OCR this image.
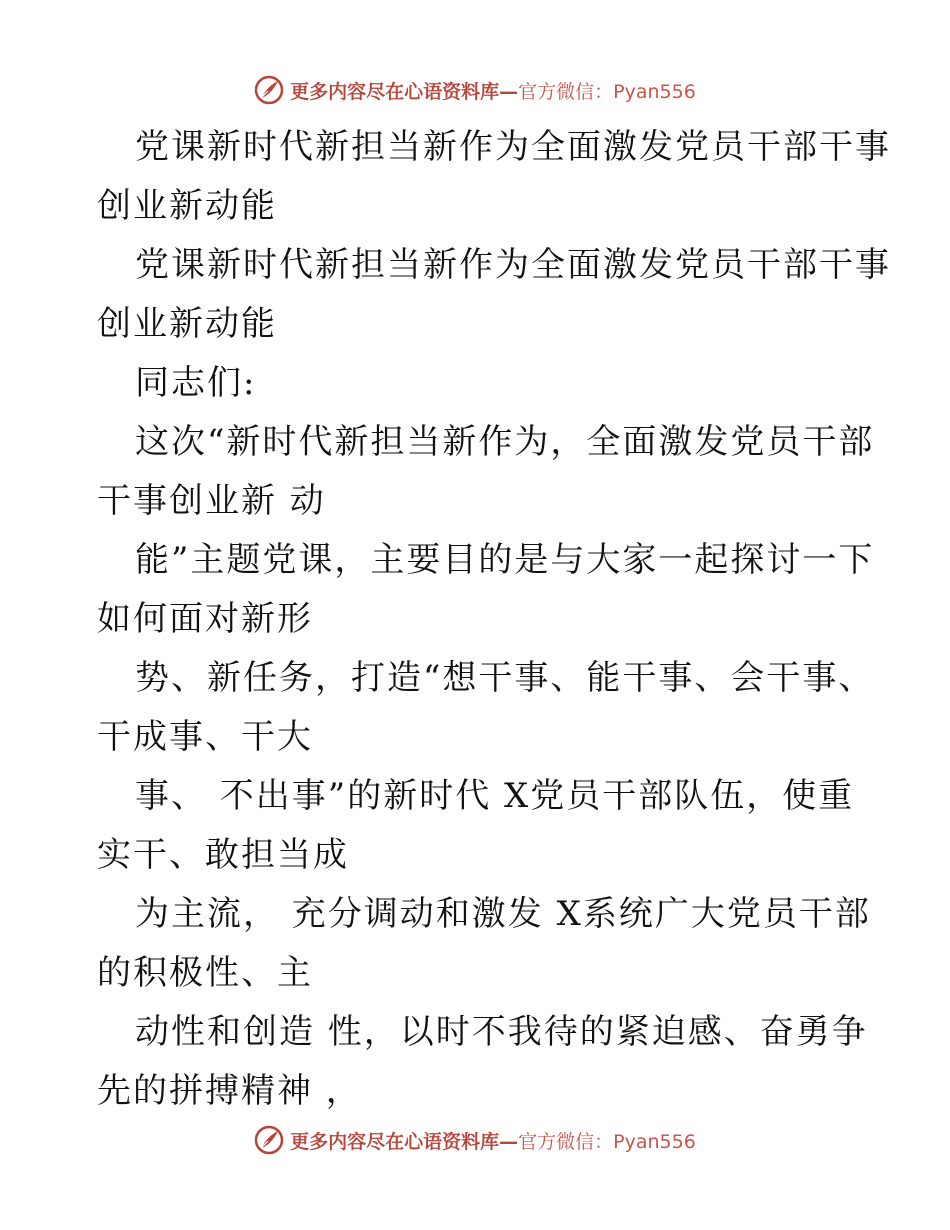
更多内容尽在心语资料库—官方微信：Pyan556
党课新时代新担当新作为全面激发党员干部干事
创业新动能
党课新时代新担当新作为全面激发党员干部干事
创业新动能
同志们:
这次“新时代新担当新作为，全面激发党员干部
干事创业新 动
能”主题党课，主要目的是与大家一起探讨一下
如何面对新形
势、新任务，打造“想干事、能干事、会干事、
干成事、干大
事、 不出事”的新时代 X党员干部队伍，使重
实干、敢担当成
为主流， 充分调动和激发 X系统广大党员干部
的积极性、主
动性和创造 性，以时不我待的紧迫感、奋勇争
先的拼搏精神 ，
更多内容尽在心语资料库—官方微信：Pyan556
